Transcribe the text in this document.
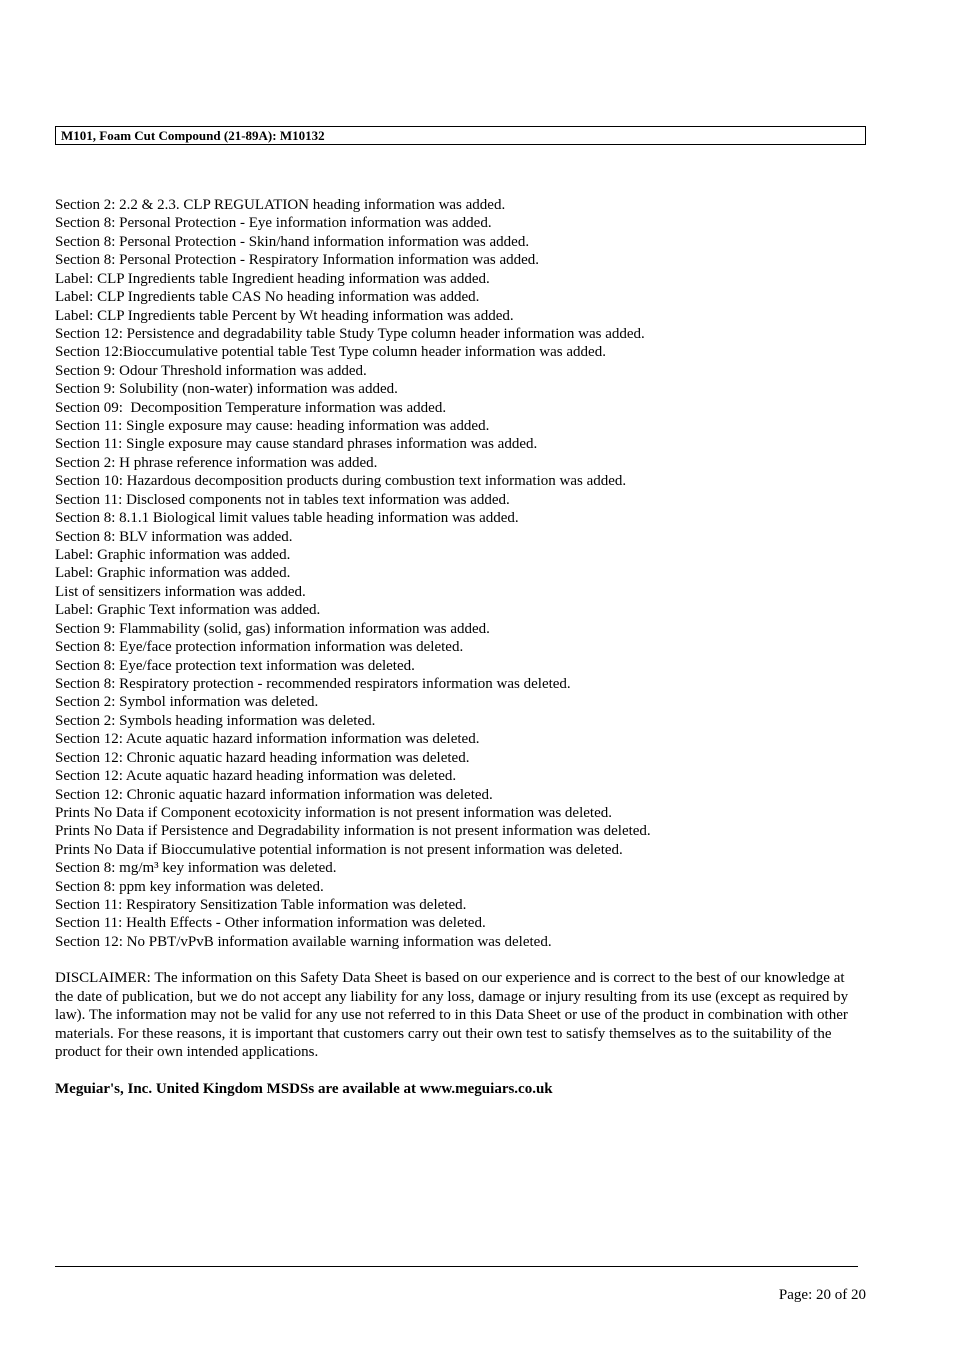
M101, Foam Cut Compound (21-89A): M10132
Section 2: 2.2 & 2.3. CLP REGULATION heading information was added.
Section 8: Personal Protection - Eye information information was added.
Section 8: Personal Protection - Skin/hand information information was added.
Section 8: Personal Protection - Respiratory Information information was added.
Label: CLP Ingredients table Ingredient heading information was added.
Label: CLP Ingredients table CAS No heading information was added.
Label: CLP Ingredients table Percent by Wt heading information was added.
Section 12: Persistence and degradability table Study Type column header information was added.
Section 12:Bioccumulative potential table Test Type column header information was added.
Section 9: Odour Threshold information was added.
Section 9: Solubility (non-water) information was added.
Section 09:  Decomposition Temperature information was added.
Section 11: Single exposure may cause: heading information was added.
Section 11: Single exposure may cause standard phrases information was added.
Section 2: H phrase reference information was added.
Section 10: Hazardous decomposition products during combustion text information was added.
Section 11: Disclosed components not in tables text information was added.
Section 8: 8.1.1 Biological limit values table heading information was added.
Section 8: BLV information was added.
Label: Graphic information was added.
Label: Graphic information was added.
List of sensitizers information was added.
Label: Graphic Text information was added.
Section 9: Flammability (solid, gas) information information was added.
Section 8: Eye/face protection information information was deleted.
Section 8: Eye/face protection text information was deleted.
Section 8: Respiratory protection - recommended respirators information was deleted.
Section 2: Symbol information was deleted.
Section 2: Symbols heading information was deleted.
Section 12: Acute aquatic hazard information information was deleted.
Section 12: Chronic aquatic hazard heading information was deleted.
Section 12: Acute aquatic hazard heading information was deleted.
Section 12: Chronic aquatic hazard information information was deleted.
Prints No Data if Component ecotoxicity information is not present information was deleted.
Prints No Data if Persistence and Degradability information is not present information was deleted.
Prints No Data if Bioccumulative potential information is not present information was deleted.
Section 8: mg/m³ key information was deleted.
Section 8: ppm key information was deleted.
Section 11: Respiratory Sensitization Table information was deleted.
Section 11: Health Effects - Other information information was deleted.
Section 12: No PBT/vPvB information available warning information was deleted.

DISCLAIMER: The information on this Safety Data Sheet is based on our experience and is correct to the best of our knowledge at the date of publication, but we do not accept any liability for any loss, damage or injury resulting from its use (except as required by law). The information may not be valid for any use not referred to in this Data Sheet or use of the product in combination with other materials. For these reasons, it is important that customers carry out their own test to satisfy themselves as to the suitability of the product for their own intended applications.

Meguiar's, Inc. United Kingdom MSDSs are available at www.meguiars.co.uk

Page: 20 of 20
